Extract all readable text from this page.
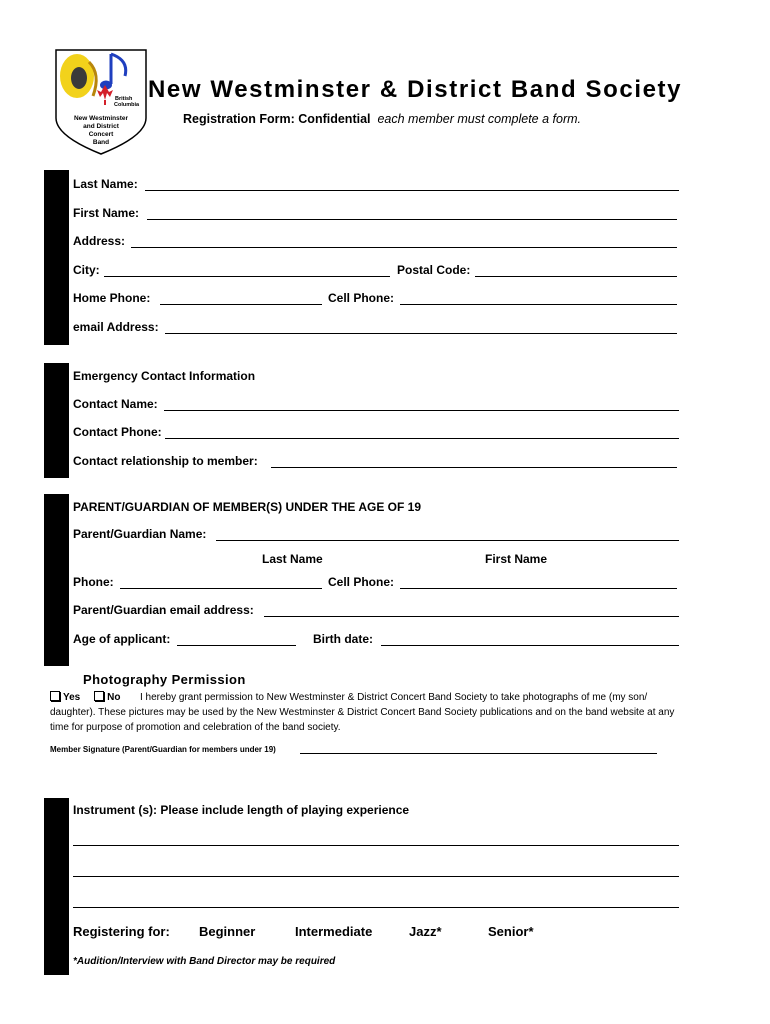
British
Columbia
New Westminster
and District
Concert
Band
New Westminster & District Band Society
Registration Form: Confidential each member must complete a form.
Last Name:
First Name:
Address:
City:	Postal Code:
Home Phone:	Cell Phone:
email Address:
Emergency Contact Information
Contact Name:
Contact Phone:
Contact relationship to member:
PARENT/GUARDIAN OF MEMBER(S) UNDER THE AGE OF 19
Parent/Guardian Name:
Last Name	First Name
Phone:	Cell Phone:
Parent/Guardian email address:
Age of applicant:	Birth date:
Photography Permission
Yes	No I hereby grant permission to New Westminster & District Concert Band Society to take photographs of me (my son/
daughter). These pictures may be used by the New Westminster & District Concert Band Society publications and on the band website at any
time for purpose of promotion and celebration of the band society.
Member Signature (Parent/Guardian for members under 19)
Instrument (s): Please include length of playing experience
Registering for: Beginner	Intermediate	Jazz*	Senior*
*Audition/Interview with Band Director may be required
